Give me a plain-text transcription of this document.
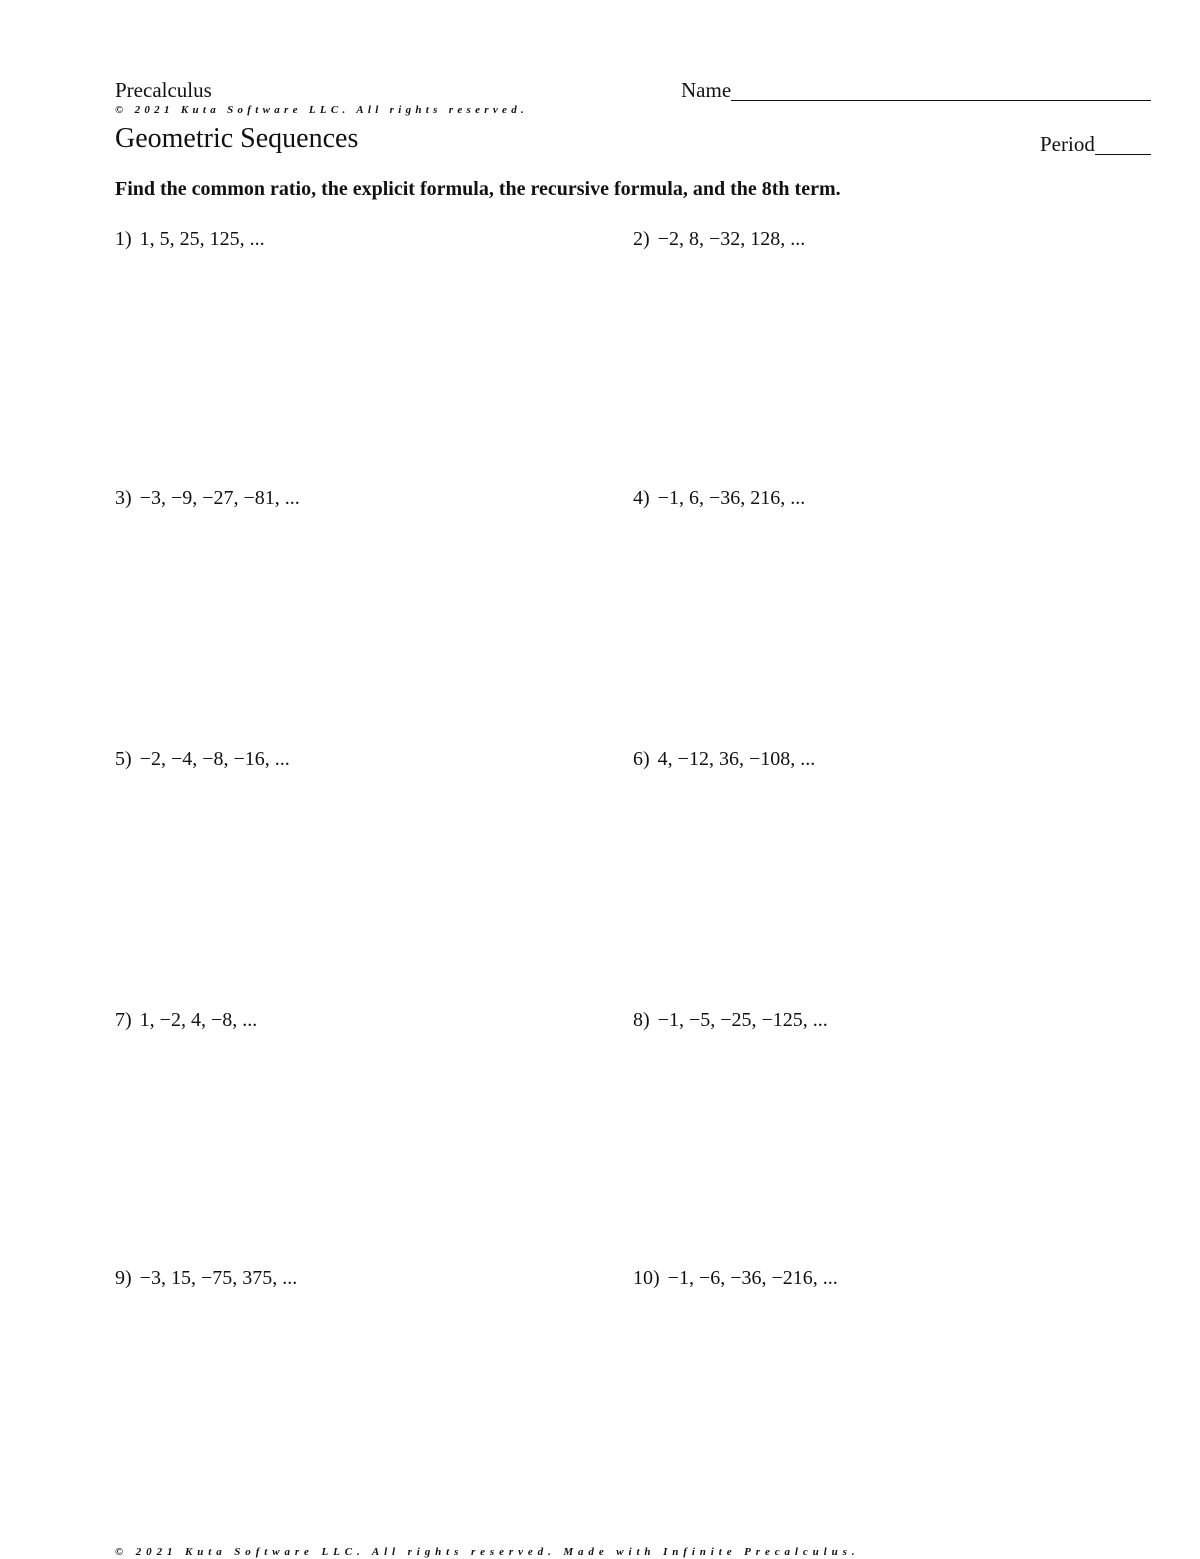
Precalculus	Name
© 2021 Kuta Software LLC. All rights reserved.
Geometric Sequences	Period
Find the common ratio, the explicit formula, the recursive formula, and the 8th term.
1) 1, 5, 25, 125, ...	2) −2, 8, −32, 128, ...
3) −3, −9, −27, −81, ...	4) −1, 6, −36, 216, ...
5) −2, −4, −8, −16, ...	6) 4, −12, 36, −108, ...
7) 1, −2, 4, −8, ...	8) −1, −5, −25, −125, ...
9) −3, 15, −75, 375, ...	10) −1, −6, −36, −216, ...
© 2021 Kuta Software LLC. All rights reserved. Made with Infinite Precalculus.
